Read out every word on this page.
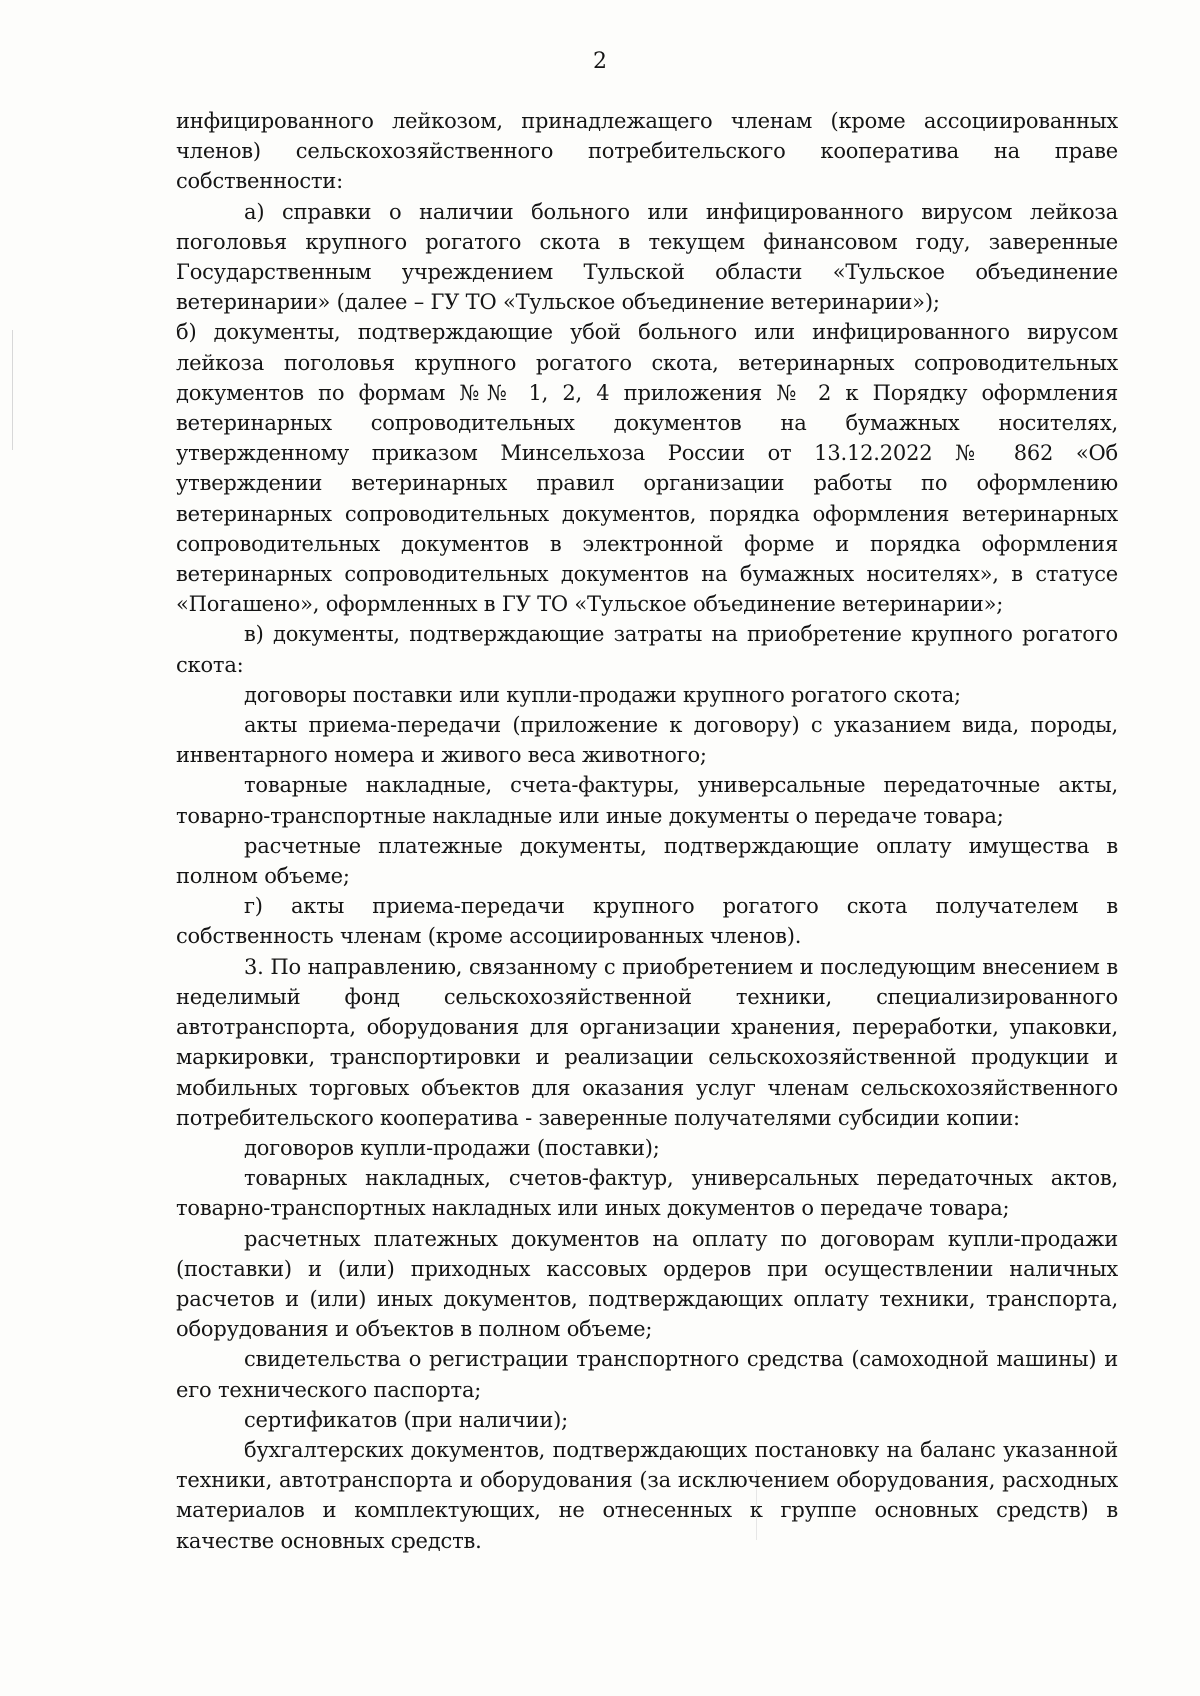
2

инфицированного лейкозом, принадлежащего членам (кроме ассоциированных членов) сельскохозяйственного потребительского кооператива на праве собственности:

а) справки о наличии больного или инфицированного вирусом лейкоза поголовья крупного рогатого скота в текущем финансовом году, заверенные Государственным учреждением Тульской области «Тульское объединение ветеринарии» (далее – ГУ ТО «Тульское объединение ветеринарии»);

б) документы, подтверждающие убой больного или инфицированного вирусом лейкоза поголовья крупного рогатого скота, ветеринарных сопроводительных документов по формам №№ 1, 2, 4 приложения № 2 к Порядку оформления ветеринарных сопроводительных документов на бумажных носителях, утвержденному приказом Минсельхоза России от 13.12.2022 № 862 «Об утверждении ветеринарных правил организации работы по оформлению ветеринарных сопроводительных документов, порядка оформления ветеринарных сопроводительных документов в электронной форме и порядка оформления ветеринарных сопроводительных документов на бумажных носителях», в статусе «Погашено», оформленных в ГУ ТО «Тульское объединение ветеринарии»;

в) документы, подтверждающие затраты на приобретение крупного рогатого скота:

договоры поставки или купли-продажи крупного рогатого скота;

акты приема-передачи (приложение к договору) с указанием вида, породы, инвентарного номера и живого веса животного;

товарные накладные, счета-фактуры, универсальные передаточные акты, товарно-транспортные накладные или иные документы о передаче товара;

расчетные платежные документы, подтверждающие оплату имущества в полном объеме;

г) акты приема-передачи крупного рогатого скота получателем в собственность членам (кроме ассоциированных членов).

3. По направлению, связанному с приобретением и последующим внесением в неделимый фонд сельскохозяйственной техники, специализированного автотранспорта, оборудования для организации хранения, переработки, упаковки, маркировки, транспортировки и реализации сельскохозяйственной продукции и мобильных торговых объектов для оказания услуг членам сельскохозяйственного потребительского кооператива - заверенные получателями субсидии копии:

договоров купли-продажи (поставки);

товарных накладных, счетов-фактур, универсальных передаточных актов, товарно-транспортных накладных или иных документов о передаче товара;

расчетных платежных документов на оплату по договорам купли-продажи (поставки) и (или) приходных кассовых ордеров при осуществлении наличных расчетов и (или) иных документов, подтверждающих оплату техники, транспорта, оборудования и объектов в полном объеме;

свидетельства о регистрации транспортного средства (самоходной машины) и его технического паспорта;

сертификатов (при наличии);

бухгалтерских документов, подтверждающих постановку на баланс указанной техники, автотранспорта и оборудования (за исключением оборудования, расходных материалов и комплектующих, не отнесенных к группе основных средств) в качестве основных средств.
